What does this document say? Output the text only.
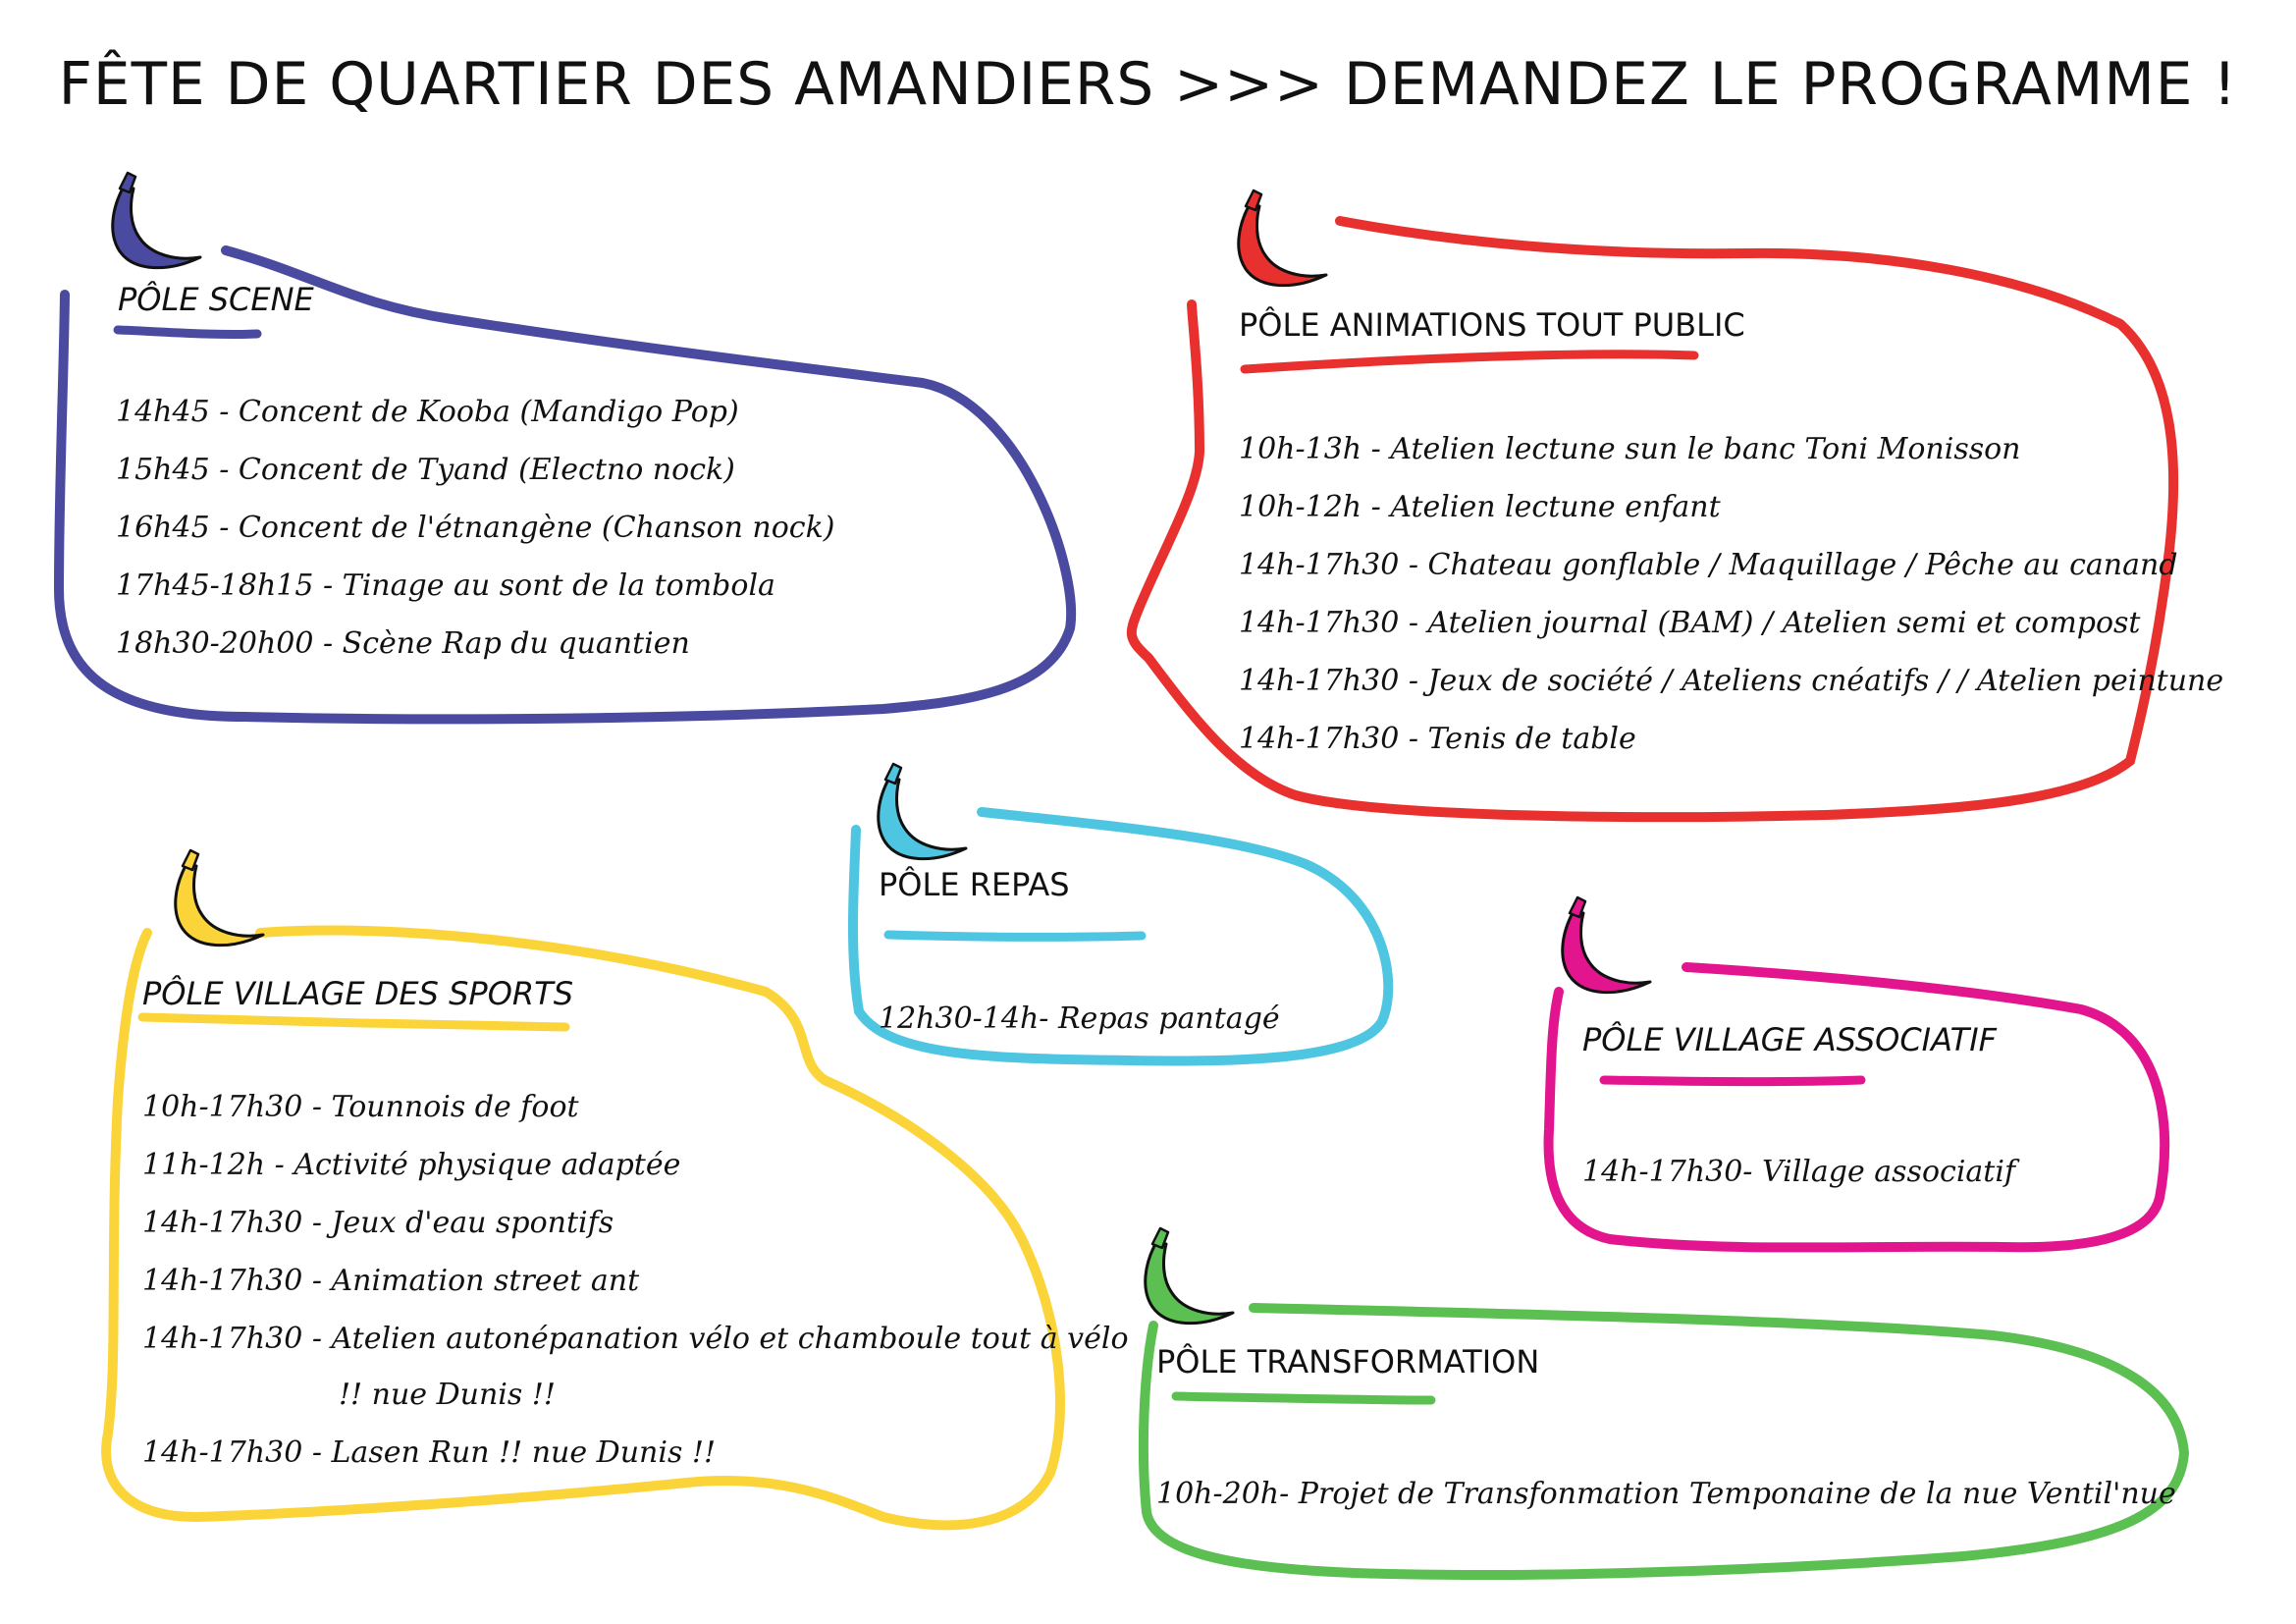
FÊTE DE QUARTIER DES AMANDIERS >>> DEMANDEZ LE PROGRAMME !
PÔLE SCENE
14h45 - Concent de Kooba (Mandigo Pop)
15h45 - Concent de Tyand (Electno nock)
16h45 - Concent de l'étnangène (Chanson nock)
17h45-18h15 - Tinage au sont de la tombola
18h30-20h00 - Scène Rap du quantien
PÔLE ANIMATIONS TOUT PUBLIC
10h-13h - Atelien lectune sun le banc Toni Monisson
10h-12h - Atelien lectune enfant
14h-17h30 - Chateau gonflable / Maquillage / Pêche au canand
14h-17h30 - Atelien journal (BAM) / Atelien semi et compost
14h-17h30 - Jeux de société / Ateliens cnéatifs / / Atelien peintune
14h-17h30 - Tenis de table
PÔLE REPAS
12h30-14h- Repas pantagé
PÔLE VILLAGE DES SPORTS
10h-17h30 - Tounnois de foot
11h-12h - Activité physique adaptée
14h-17h30 - Jeux d'eau spontifs
14h-17h30 - Animation street ant
14h-17h30 - Atelien autonépanation vélo et chamboule tout à vélo
!! nue Dunis !!
14h-17h30 - Lasen Run !! nue Dunis !!
PÔLE VILLAGE ASSOCIATIF
14h-17h30- Village associatif
PÔLE TRANSFORMATION
10h-20h- Projet de Transfonmation Temponaine de la nue Ventil'nue
